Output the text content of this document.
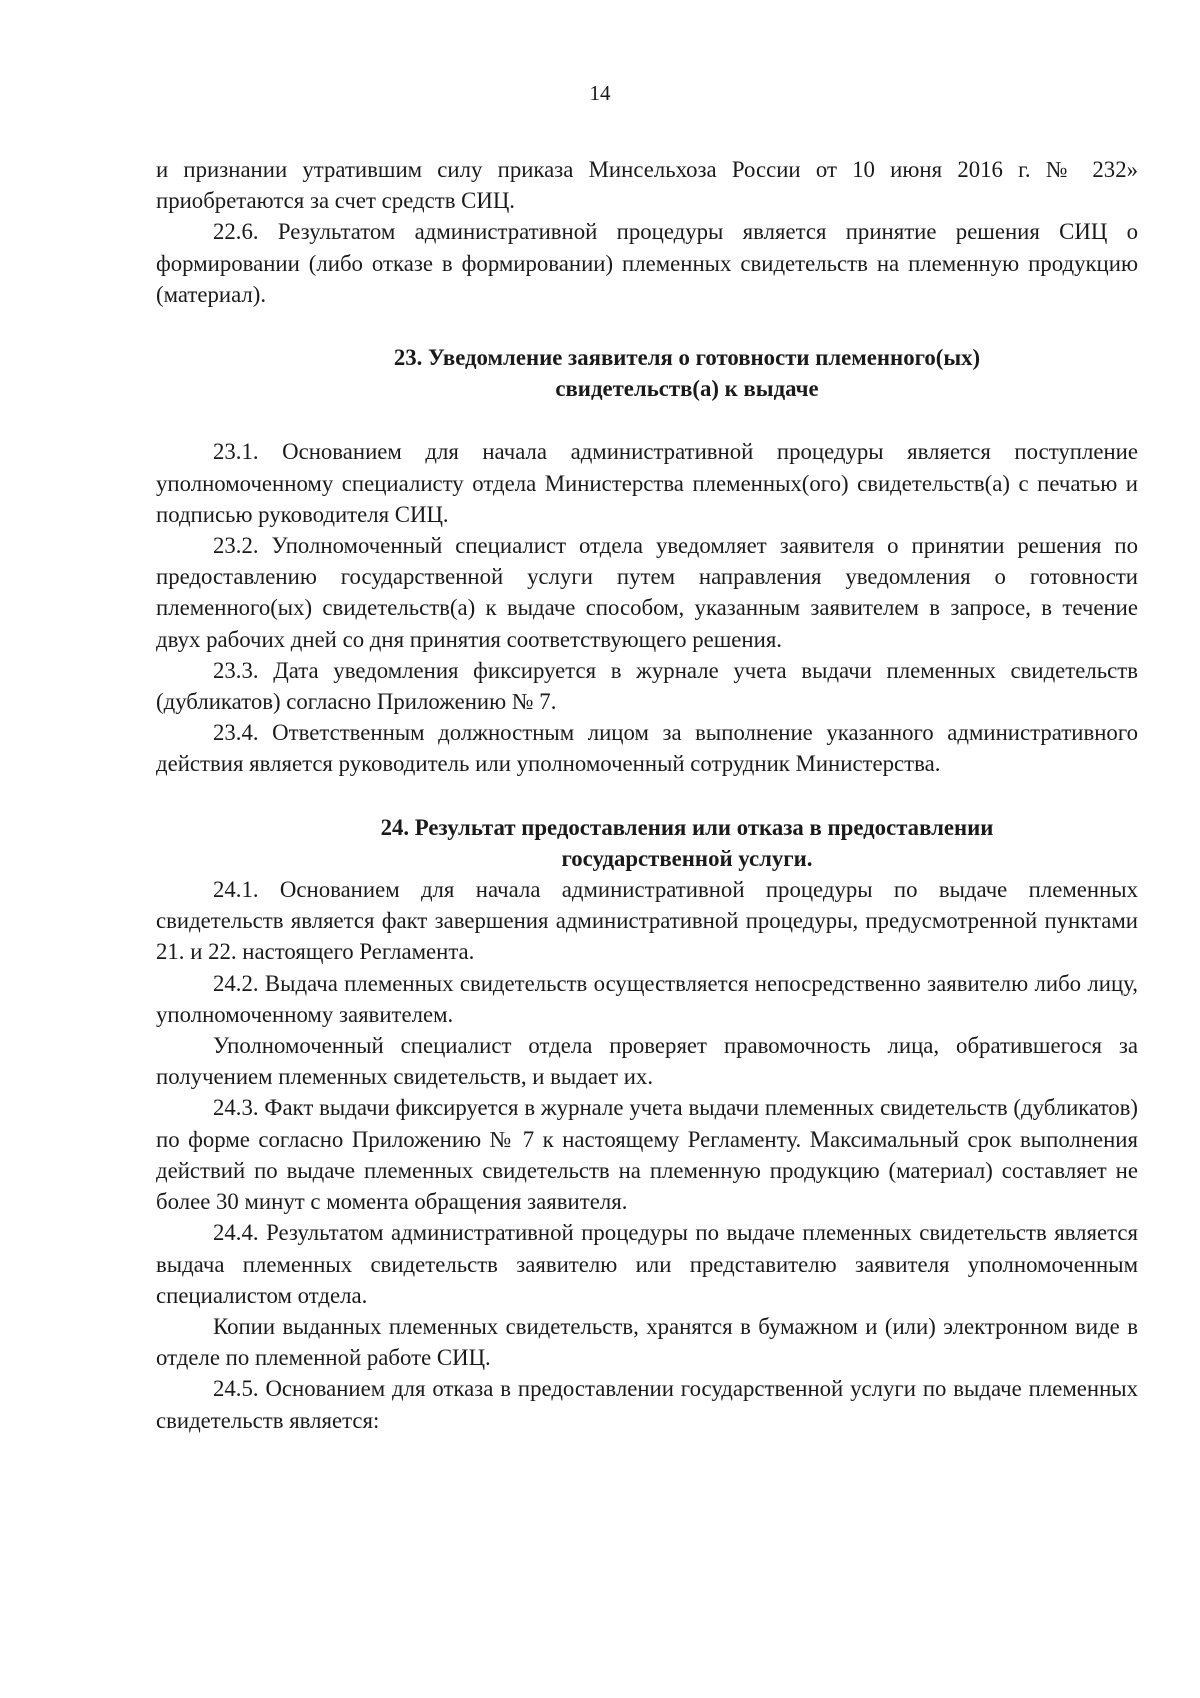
14

и признании утратившим силу приказа Минсельхоза России от 10 июня 2016 г. № 232» приобретаются за счет средств СИЦ.

22.6. Результатом административной процедуры является принятие решения СИЦ о формировании (либо отказе в формировании) племенных свидетельств на племенную продукцию (материал).

23. Уведомление заявителя о готовности племенного(ых)
свидетельств(а) к выдаче

23.1. Основанием для начала административной процедуры является поступление уполномоченному специалисту отдела Министерства племенных(ого) свидетельств(а) с печатью и подписью руководителя СИЦ.

23.2. Уполномоченный специалист отдела уведомляет заявителя о принятии решения по предоставлению государственной услуги путем направления уведомления о готовности племенного(ых) свидетельств(а) к выдаче способом, указанным заявителем в запросе, в течение двух рабочих дней со дня принятия соответствующего решения.

23.3. Дата уведомления фиксируется в журнале учета выдачи племенных свидетельств (дубликатов) согласно Приложению № 7.

23.4. Ответственным должностным лицом за выполнение указанного административного действия является руководитель или уполномоченный сотрудник Министерства.

24. Результат предоставления или отказа в предоставлении
государственной услуги.

24.1. Основанием для начала административной процедуры по выдаче племенных свидетельств является факт завершения административной процедуры, предусмотренной пунктами 21. и 22. настоящего Регламента.

24.2. Выдача племенных свидетельств осуществляется непосредственно заявителю либо лицу, уполномоченному заявителем.

Уполномоченный специалист отдела проверяет правомочность лица, обратившегося за получением племенных свидетельств, и выдает их.

24.3. Факт выдачи фиксируется в журнале учета выдачи племенных свидетельств (дубликатов) по форме согласно Приложению № 7 к настоящему Регламенту. Максимальный срок выполнения действий по выдаче племенных свидетельств на племенную продукцию (материал) составляет не более 30 минут с момента обращения заявителя.

24.4. Результатом административной процедуры по выдаче племенных свидетельств является выдача племенных свидетельств заявителю или представителю заявителя уполномоченным специалистом отдела.

Копии выданных племенных свидетельств, хранятся в бумажном и (или) электронном виде в отделе по племенной работе СИЦ.

24.5. Основанием для отказа в предоставлении государственной услуги по выдаче племенных свидетельств является:
